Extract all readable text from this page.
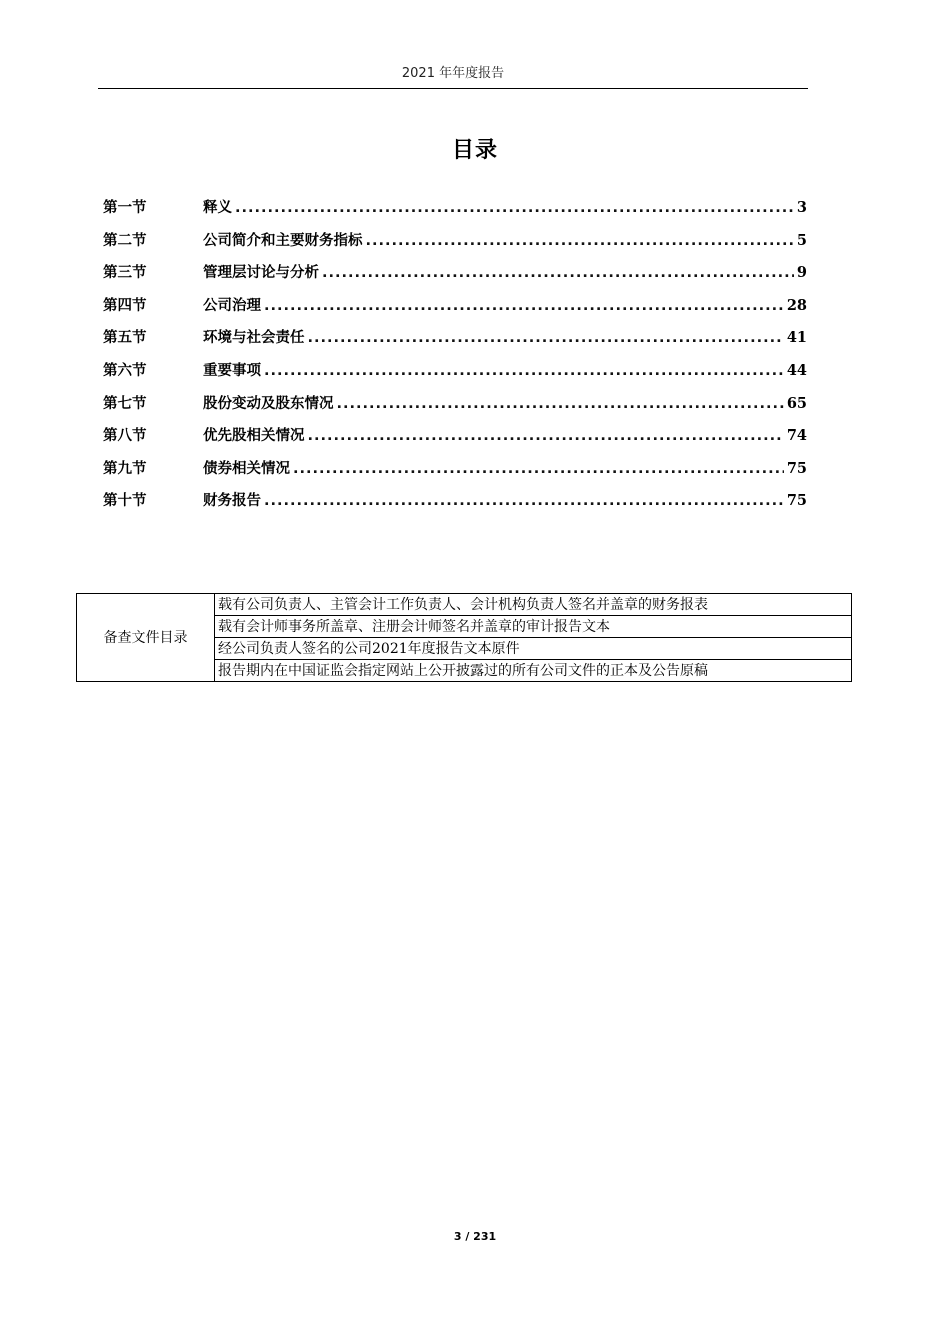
2021 年年度报告
目录
第一节	释义 .....	3
第二节	公司简介和主要财务指标 .....	5
第三节	管理层讨论与分析 .....	9
第四节	公司治理 .....	28
第五节	环境与社会责任 .....	41
第六节	重要事项 .....	44
第七节	股份变动及股东情况 .....	65
第八节	优先股相关情况 .....	74
第九节	债券相关情况 .....	75
第十节	财务报告 .....	75
备查文件目录	载有公司负责人、主管会计工作负责人、会计机构负责人签名并盖章的财务报表
载有会计师事务所盖章、注册会计师签名并盖章的审计报告文本
经公司负责人签名的公司2021年度报告文本原件
报告期内在中国证监会指定网站上公开披露过的所有公司文件的正本及公告原稿
3 / 231
